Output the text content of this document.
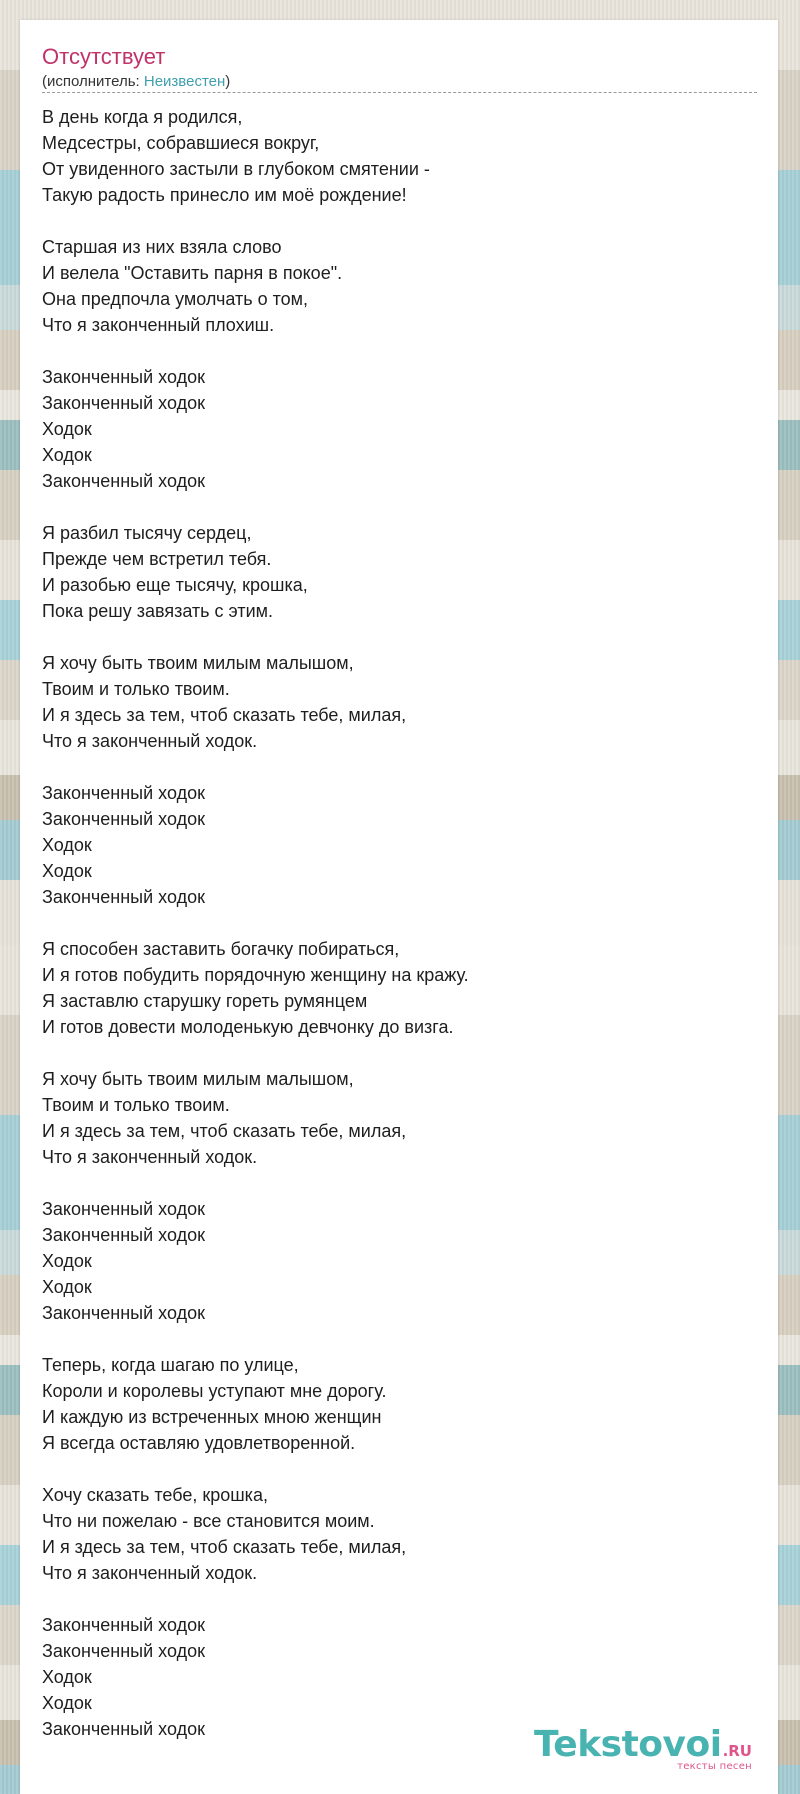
Отсутствует
(исполнитель: Неизвестен)
В день когда я родился,
Медсестры, собравшиеся вокруг,
От увиденного застыли в глубоком смятении -
Такую радость принесло им моё рождение!
Старшая из них взяла слово
И велела "Оставить парня в покое".
Она предпочла умолчать о том,
Что я законченный плохиш.
Законченный ходок
Законченный ходок
Ходок
Ходок
Законченный ходок
Я разбил тысячу сердец,
Прежде чем встретил тебя.
И разобью еще тысячу, крошка,
Пока решу завязать с этим.
Я хочу быть твоим милым малышом,
Твоим и только твоим.
И я здесь за тем, чтоб сказать тебе, милая,
Что я законченный ходок.
Законченный ходок
Законченный ходок
Ходок
Ходок
Законченный ходок
Я способен заставить богачку побираться,
И я готов побудить порядочную женщину на кражу.
Я заставлю старушку гореть румянцем
И готов довести молоденькую девчонку до визга.
Я хочу быть твоим милым малышом,
Твоим и только твоим.
И я здесь за тем, чтоб сказать тебе, милая,
Что я законченный ходок.
Законченный ходок
Законченный ходок
Ходок
Ходок
Законченный ходок
Теперь, когда шагаю по улице,
Короли и королевы уступают мне дорогу.
И каждую из встреченных мною женщин
Я всегда оставляю удовлетворенной.
Хочу сказать тебе, крошка,
Что ни пожелаю - все становится моим.
И я здесь за тем, чтоб сказать тебе, милая,
Что я законченный ходок.
Законченный ходок
Законченный ходок
Ходок
Ходок
Законченный ходок	Tekstovoi.RU
тексты песен
